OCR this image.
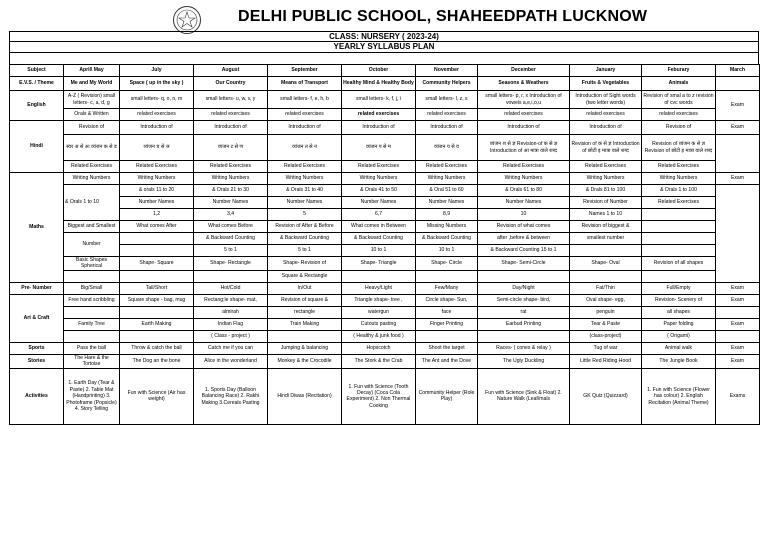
DELHI PUBLIC SCHOOL, SHAHEEDPATH LUCKNOW
CLASS: NURSERY ( 2023-24)
YEARLY SYLLABUS PLAN
Subject	April\ May	July	August	September	October	November	December	January	Feburary	March
E.V.S. / Theme	Me and My World	Space ( up in the sky )	Our Country	Means of Transport	Healthy Mind & Healthy Body	Community Helpers	Seasons & Weathers	Fruits & Vegetables	Animals	
English	A-Z ( Revision) small letters- c, a, d, g	small letters- q, o, n, m	small letters- u, w, v, y	small letters- f, e, h, b	small letters- k, f, j, i	small letters- l, z, s	small letters- p, r, x Introduction of vowels a,e,i,o,u	Introduction of Sight words (two letter words)	Revision of smal a to z revision of cvc words	Exam
	Orals & Written	related exercises	related exercises	related exercises	related exercises	related exercises	related exercises	related exercises	related exercises	
Hindi	Revision of	Introduction of	Introduction of	Introduction of	Introduction of	Introduction of	Introduction of	Introduction of	Revision of	Exam
	स्वर अ से अः व्यंजन क से ड	व्यंजन च से ञ	व्यंजन ट से ण	व्यंजन त से न	व्यंजन प से म	व्यंजन य से व	व्यंजन श से ज्ञ Revision-of क से ज्ञ Introduction of आ मात्रा वाले शब्द	Revision of क से ज्ञ Introduction of छोटी इ मात्रा वाले शब्द	Revision of व्यंजन क से ज्ञ Revision of छोटी इ मात्रा वाले शब्द	
	Related Exercises	Related Exercises	Related Exercises	Related Exercises	Related Exercises	Related Exercises	Related Exercises	Related Exercises	Related Exercises	
Maths	Writing Numbers	Writing Numbers	Writing Numbers	Writing Numbers	Writing Numbers	Writing Numbers	Writing Numbers	Writing Numbers	Writing Numbers	Exam
	& Orals 1 to 10	& orals 11 to 20	& Orals 21 to 30	& Orals 31 to 40	& Orals 41 to 50	& Oral 51 to 60	& Orals 61 to 80	& Drals 81 to 100	& Orals 1 to 100	
		Number Names	Number Names	Number Names	Number Names	Number Names	Number Names	Revision of Number	Related Exercises	
		1,2	3,4	5	6,7	8,9	10	Names 1 to 10		
	Biggest and Smallest	What comes After	What comes Before	Revision of After & Before	What comes in Between	Missing Numbers	Revision of what comes	Revision of biggest &		
	Number		& Backward Counting	& Backward Counting	& Backward Counting	& Backward Counting	after ,before & between	smallest number		
			5 to 1	5 to 1	10 to 1	10 to 1	& Backward Counting 15 to 1			
	Basic Shapes Spherical	Shape- Square	Shape- Rectangle	Shape- Revision of	Shape- Triangle	Shape- Circle	Shape- Semi-Circle	Shape- Oval	Revision of all shapes	
				Square & Rectangle						
Pre- Number	Big/Small	Tall/Short	Hot/Cold	In/Out	Heavy/Light	Few/Many	Day/Night	Fat/Thin	Full/Empty	Exam
Art & Craft	Free hand scribbling	Square shape - bag, mug	Rectang;le shape- mat,	Revision of square &	Triangle shape- tree ,	Circle shape- Sun,	Semi-circle shape- bird,	Oval shape- egg,	Revision- Scenery of	Exam
			almirah	rectangle	watergun	face	rat	penguin	all shapes	
	Family Tree	Earth Making	Indian Flag	Train Making	Cutouts pasting	Finger Printing	Earbud Printing	Tear & Paste	Paper folding	Exam
			( Class - project )		( Healthy & junk food )			(class-project)	( Origami)	
Sports	Pass the ball	Throw & catch the ball	Catch me if you can	Jumping & balancing	Hopscotch	Shoot the target	Races- ( cones & relay )	Tug of war	Animal walk	Exam
Stories	The Hare & the Tortoise	The Dog an the bone	Alice in the wonderland	Monkey & the Crocodile	The Stork & the Crab	The Ant and the Dove	The Ugly Duckling	Little Red Riding Hood	The Jungle Book	Exam
Activities	1. Earth Day (Tear & Paste) 2. Table Mat (Handprinting) 3. Photoframe (Popsicle) 4. Story Telling	Fun with Science (Air has weight)	1. Sports Day (Balloon Balancing Race) 2. Rakhi Making 3.Cereals Pasting	Hindi Diwas (Recitation)	1. Fun with Science (Tooth Decay) (Coca Cola Experiment) 2. Non Thermal Cooking	Community Helper (Role Play)	Fun with Science (Sink & Float) 2. Nature Walk (Leaf/mals	GK Quiz (Quizzard)	1. Fun with Science (Flower has colour) 2. English Recitation (Animal Theme)	Exams
